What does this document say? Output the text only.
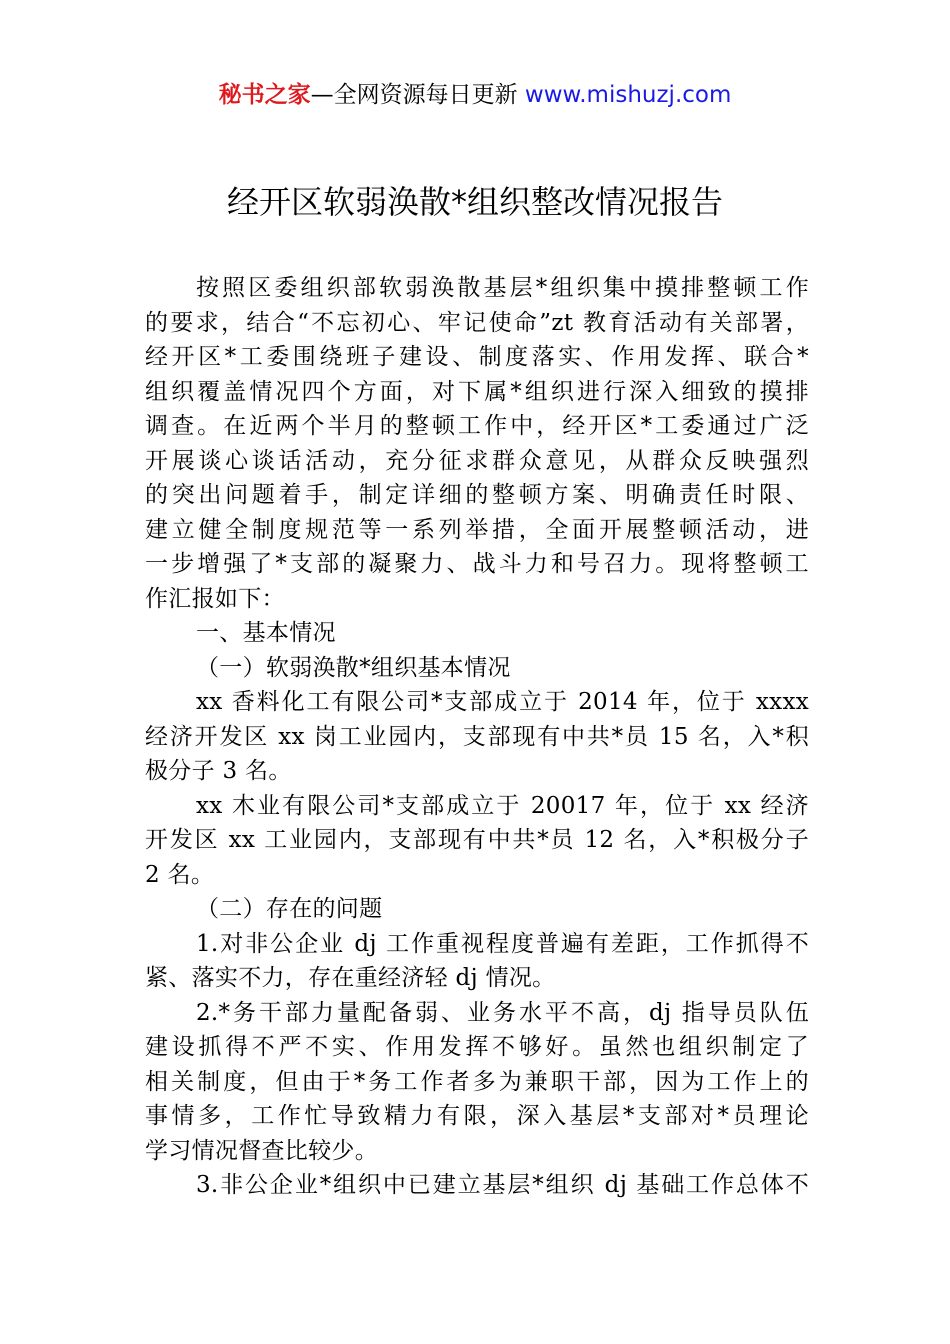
秘书之家—全网资源每日更新 www.mishuzj.com
经开区软弱涣散*组织整改情况报告
按照区委组织部软弱涣散基层*组织集中摸排整顿工作
的要求，结合“不忘初心、牢记使命”zt 教育活动有关部署，
经开区*工委围绕班子建设、制度落实、作用发挥、联合*
组织覆盖情况四个方面，对下属*组织进行深入细致的摸排
调查。在近两个半月的整顿工作中，经开区*工委通过广泛
开展谈心谈话活动，充分征求群众意见，从群众反映强烈
的突出问题着手，制定详细的整顿方案、明确责任时限、
建立健全制度规范等一系列举措，全面开展整顿活动，进
一步增强了*支部的凝聚力、战斗力和号召力。现将整顿工
作汇报如下：
一、基本情况
（一）软弱涣散*组织基本情况
xx 香料化工有限公司*支部成立于 2014 年，位于 xxxx
经济开发区 xx 岗工业园内，支部现有中共*员 15 名，入*积
极分子 3 名。
xx 木业有限公司*支部成立于 20017 年，位于 xx 经济
开发区 xx 工业园内，支部现有中共*员 12 名，入*积极分子
2 名。
（二）存在的问题
1.对非公企业 dj 工作重视程度普遍有差距，工作抓得不
紧、落实不力，存在重经济轻 dj 情况。
2.*务干部力量配备弱、业务水平不高，dj 指导员队伍
建设抓得不严不实、作用发挥不够好。虽然也组织制定了
相关制度，但由于*务工作者多为兼职干部，因为工作上的
事情多，工作忙导致精力有限，深入基层*支部对*员理论
学习情况督查比较少。
3.非公企业*组织中已建立基层*组织 dj 基础工作总体不
